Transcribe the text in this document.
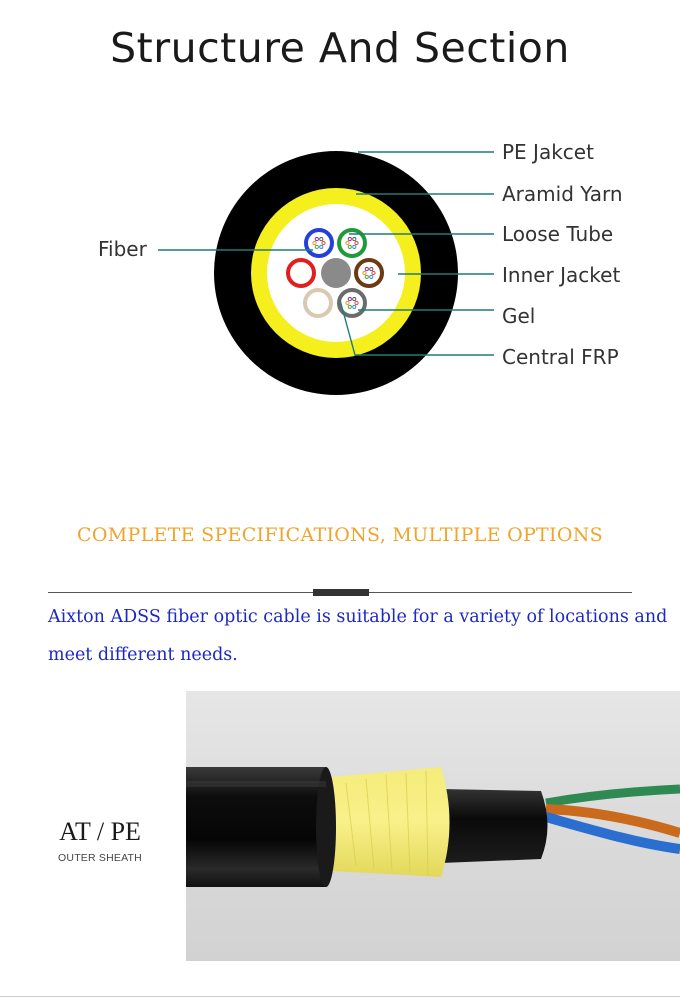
Structure And Section
Fiber
PE Jakcet
Aramid Yarn
Loose Tube
Inner Jacket
Gel
Central FRP
COMPLETE SPECIFICATIONS, MULTIPLE OPTIONS
Aixton ADSS fiber optic cable is suitable for a variety of locations and meet different needs.
AT / PE
OUTER SHEATH
